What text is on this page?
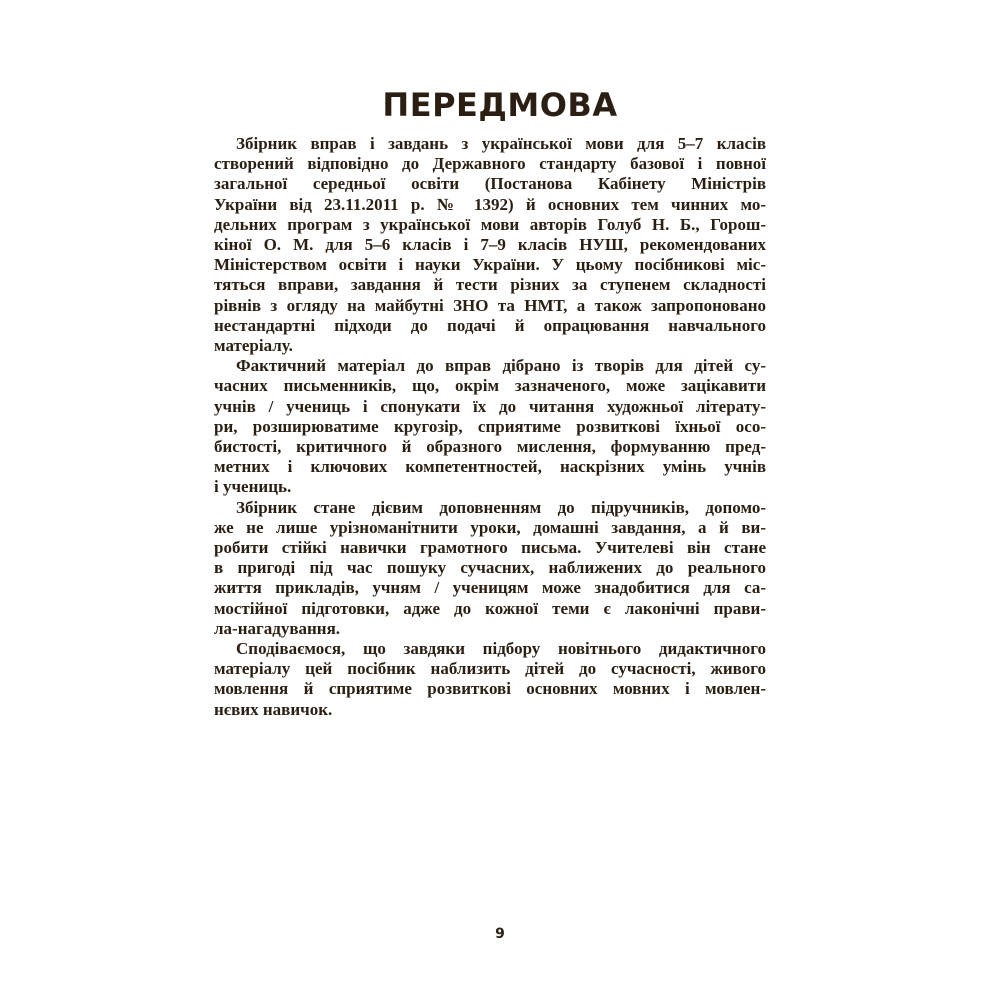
ПЕРЕДМОВА
Збірник вправ і завдань з української мови для 5–7 класів
створений відповідно до Державного стандарту базової і повної загальної середньої освіти (Постанова Кабінету Міністрів
України від 23.11.2011 р. № 1392) й основних тем чинних мо-
дельних програм з української мови авторів Голуб Н. Б., Горош-
кіної О. М. для 5–6 класів і 7–9 класів НУШ, рекомендованих
Міністерством освіти і науки України. У цьому посібникові міс-
тяться вправи, завдання й тести різних за ступенем складності
рівнів з огляду на майбутні ЗНО та НМТ, а також запропоновано нестандартні підходи до подачі й опрацювання навчального
матеріалу.
Фактичний матеріал до вправ дібрано із творів для дітей су-
часних письменників, що, окрім зазначеного, може зацікавити
учнів / учениць і спонукати їх до читання художньої літерату-
ри, розширюватиме кругозір, сприятиме розвиткові їхньої осо-
бистості, критичного й образного мислення, формуванню пред-
метних і ключових компетентностей, наскрізних умінь учнів
і учениць.
Збірник стане дієвим доповненням до підручників, допомо-
же не лише урізноманітнити уроки, домашні завдання, а й ви-
робити стійкі навички грамотного письма. Учителеві він стане
в пригоді під час пошуку сучасних, наближених до реального
життя прикладів, учням / ученицям може знадобитися для са-
мостійної підготовки, адже до кожної теми є лаконічні прави-
ла-нагадування.
Сподіваємося, що завдяки підбору новітнього дидактичного
матеріалу цей посібник наблизить дітей до сучасності, живого
мовлення й сприятиме розвиткові основних мовних і мовлен-
нєвих навичок.
9
